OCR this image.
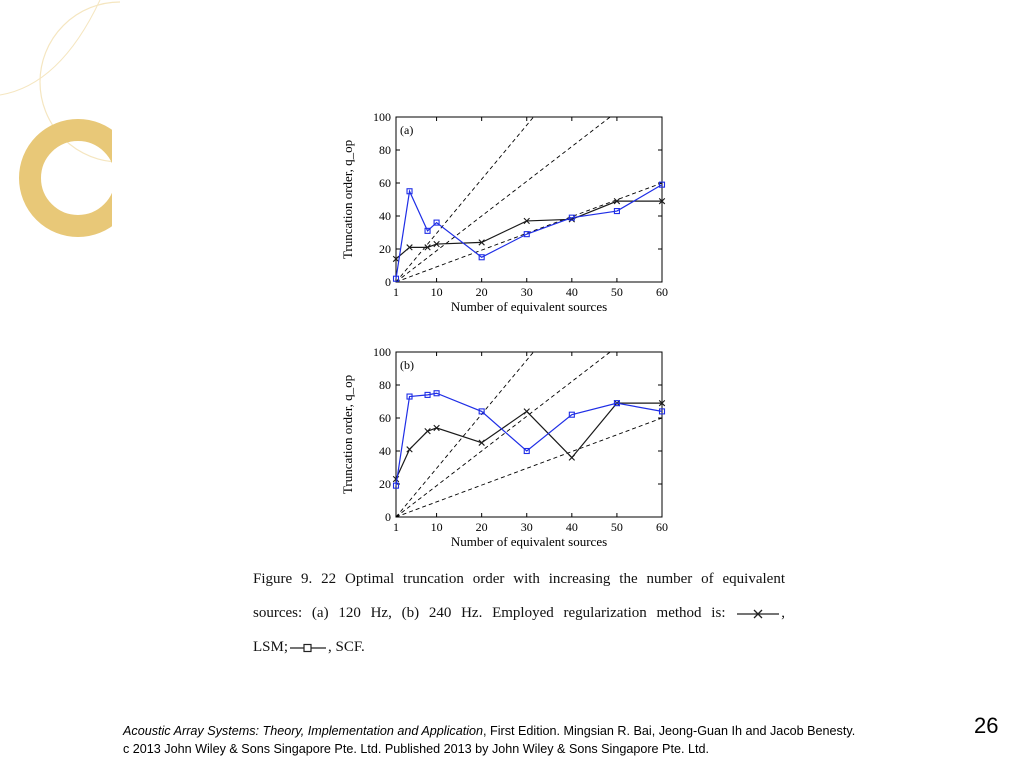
1	10	20	30	40	50	60
0
20
40
60
80
100
Number of equivalent sources
Truncation order, q_op
(a)
1	10	20	30	40	50	60
0
20
40
60
80
100
Number of equivalent sources
Truncation order, q_op
(b)
Figure 9. 22 Optimal truncation order with increasing the number of equivalent
sources: (a) 120 Hz, (b) 240 Hz. Employed regularization method is:	,
LSM;	, SCF.
Acoustic Array Systems: Theory, Implementation and Application, First Edition. Mingsian R. Bai, Jeong-Guan Ih and Jacob Benesty.
c 2013 John Wiley & Sons Singapore Pte. Ltd. Published 2013 by John Wiley & Sons Singapore Pte. Ltd.
26
